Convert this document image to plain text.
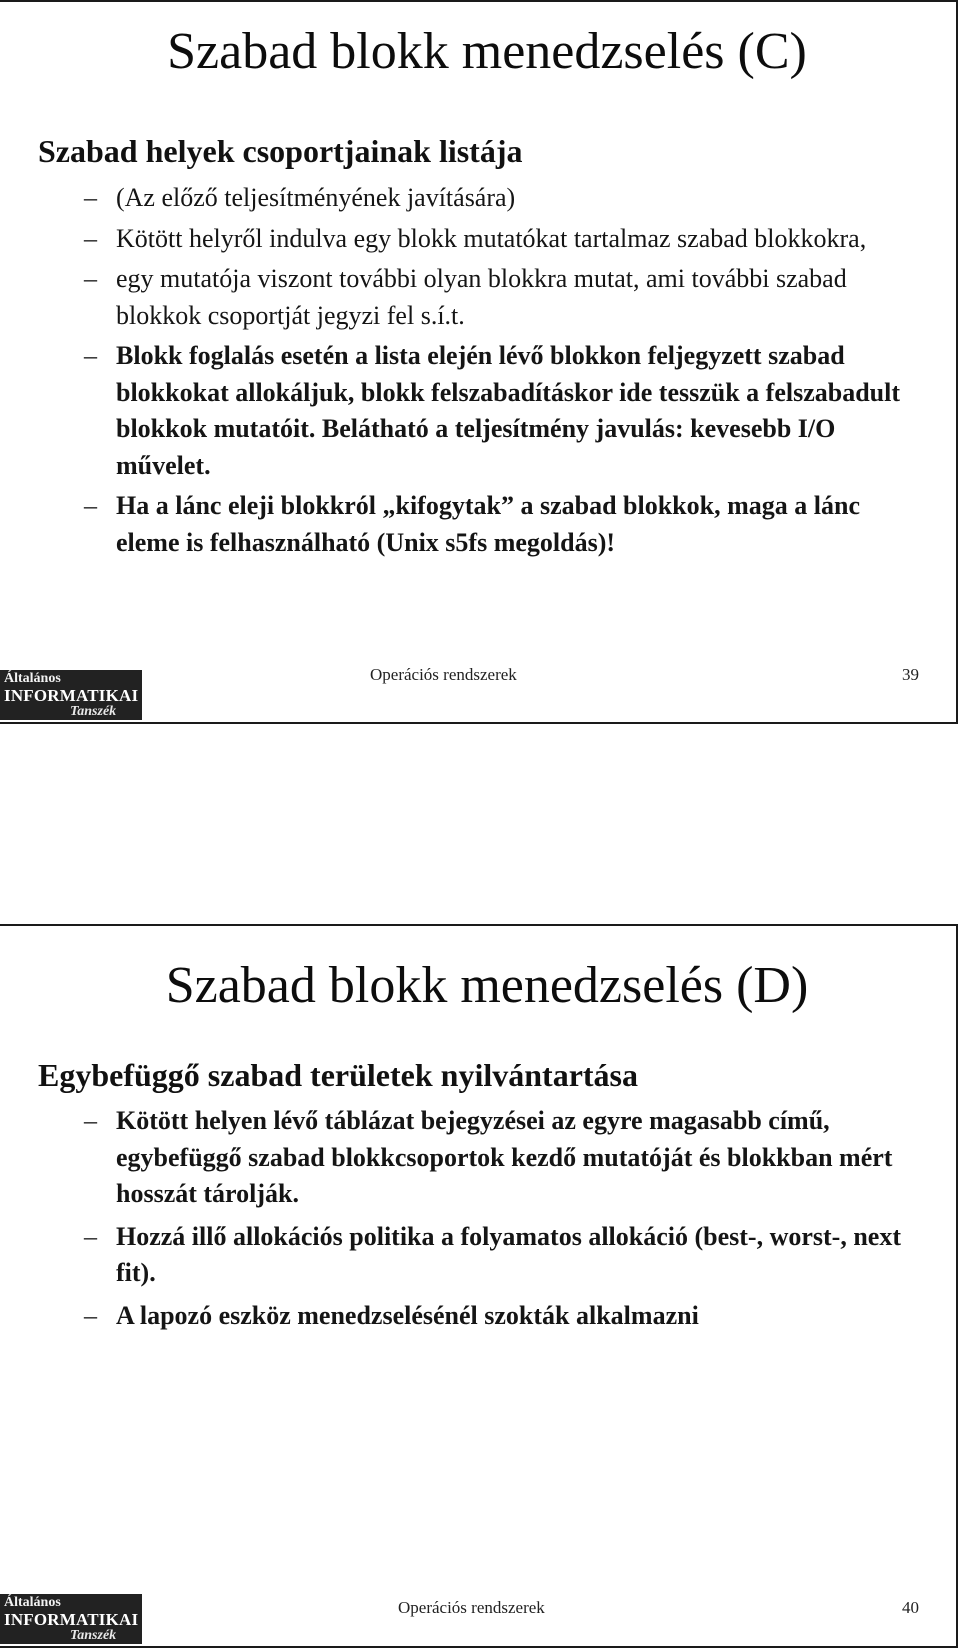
Szabad blokk menedzselés (C)
Szabad helyek csoportjainak listája
– (Az előző teljesítményének javítására)
– Kötött helyről indulva egy blokk mutatókat tartalmaz szabad blokkokra,
– egy mutatója viszont további olyan blokkra mutat, ami további szabad blokkok csoportját jegyzi fel s.í.t.
– Blokk foglalás esetén a lista elején lévő blokkon feljegyzett szabad blokkokat allokáljuk, blokk felszabadításkor ide tesszük a felszabadult blokkok mutatóit. Belátható a teljesítmény javulás: kevesebb I/O művelet.
– Ha a lánc eleji blokkról „kifogytak” a szabad blokkok, maga a lánc eleme is felhasználható (Unix s5fs megoldás)!
Általános
INFORMATIKAI
Tanszék
Operációs rendszerek	39
Szabad blokk menedzselés (D)
Egybefüggő szabad területek nyilvántartása
– Kötött helyen lévő táblázat bejegyzései az egyre magasabb című, egybefüggő szabad blokkcsoportok kezdő mutatóját és blokkban mért hosszát tárolják.
– Hozzá illő allokációs politika a folyamatos allokáció (best-, worst-, next fit).
– A lapozó eszköz menedzselésénél szokták alkalmazni
Általános
INFORMATIKAI
Tanszék
Operációs rendszerek	40
